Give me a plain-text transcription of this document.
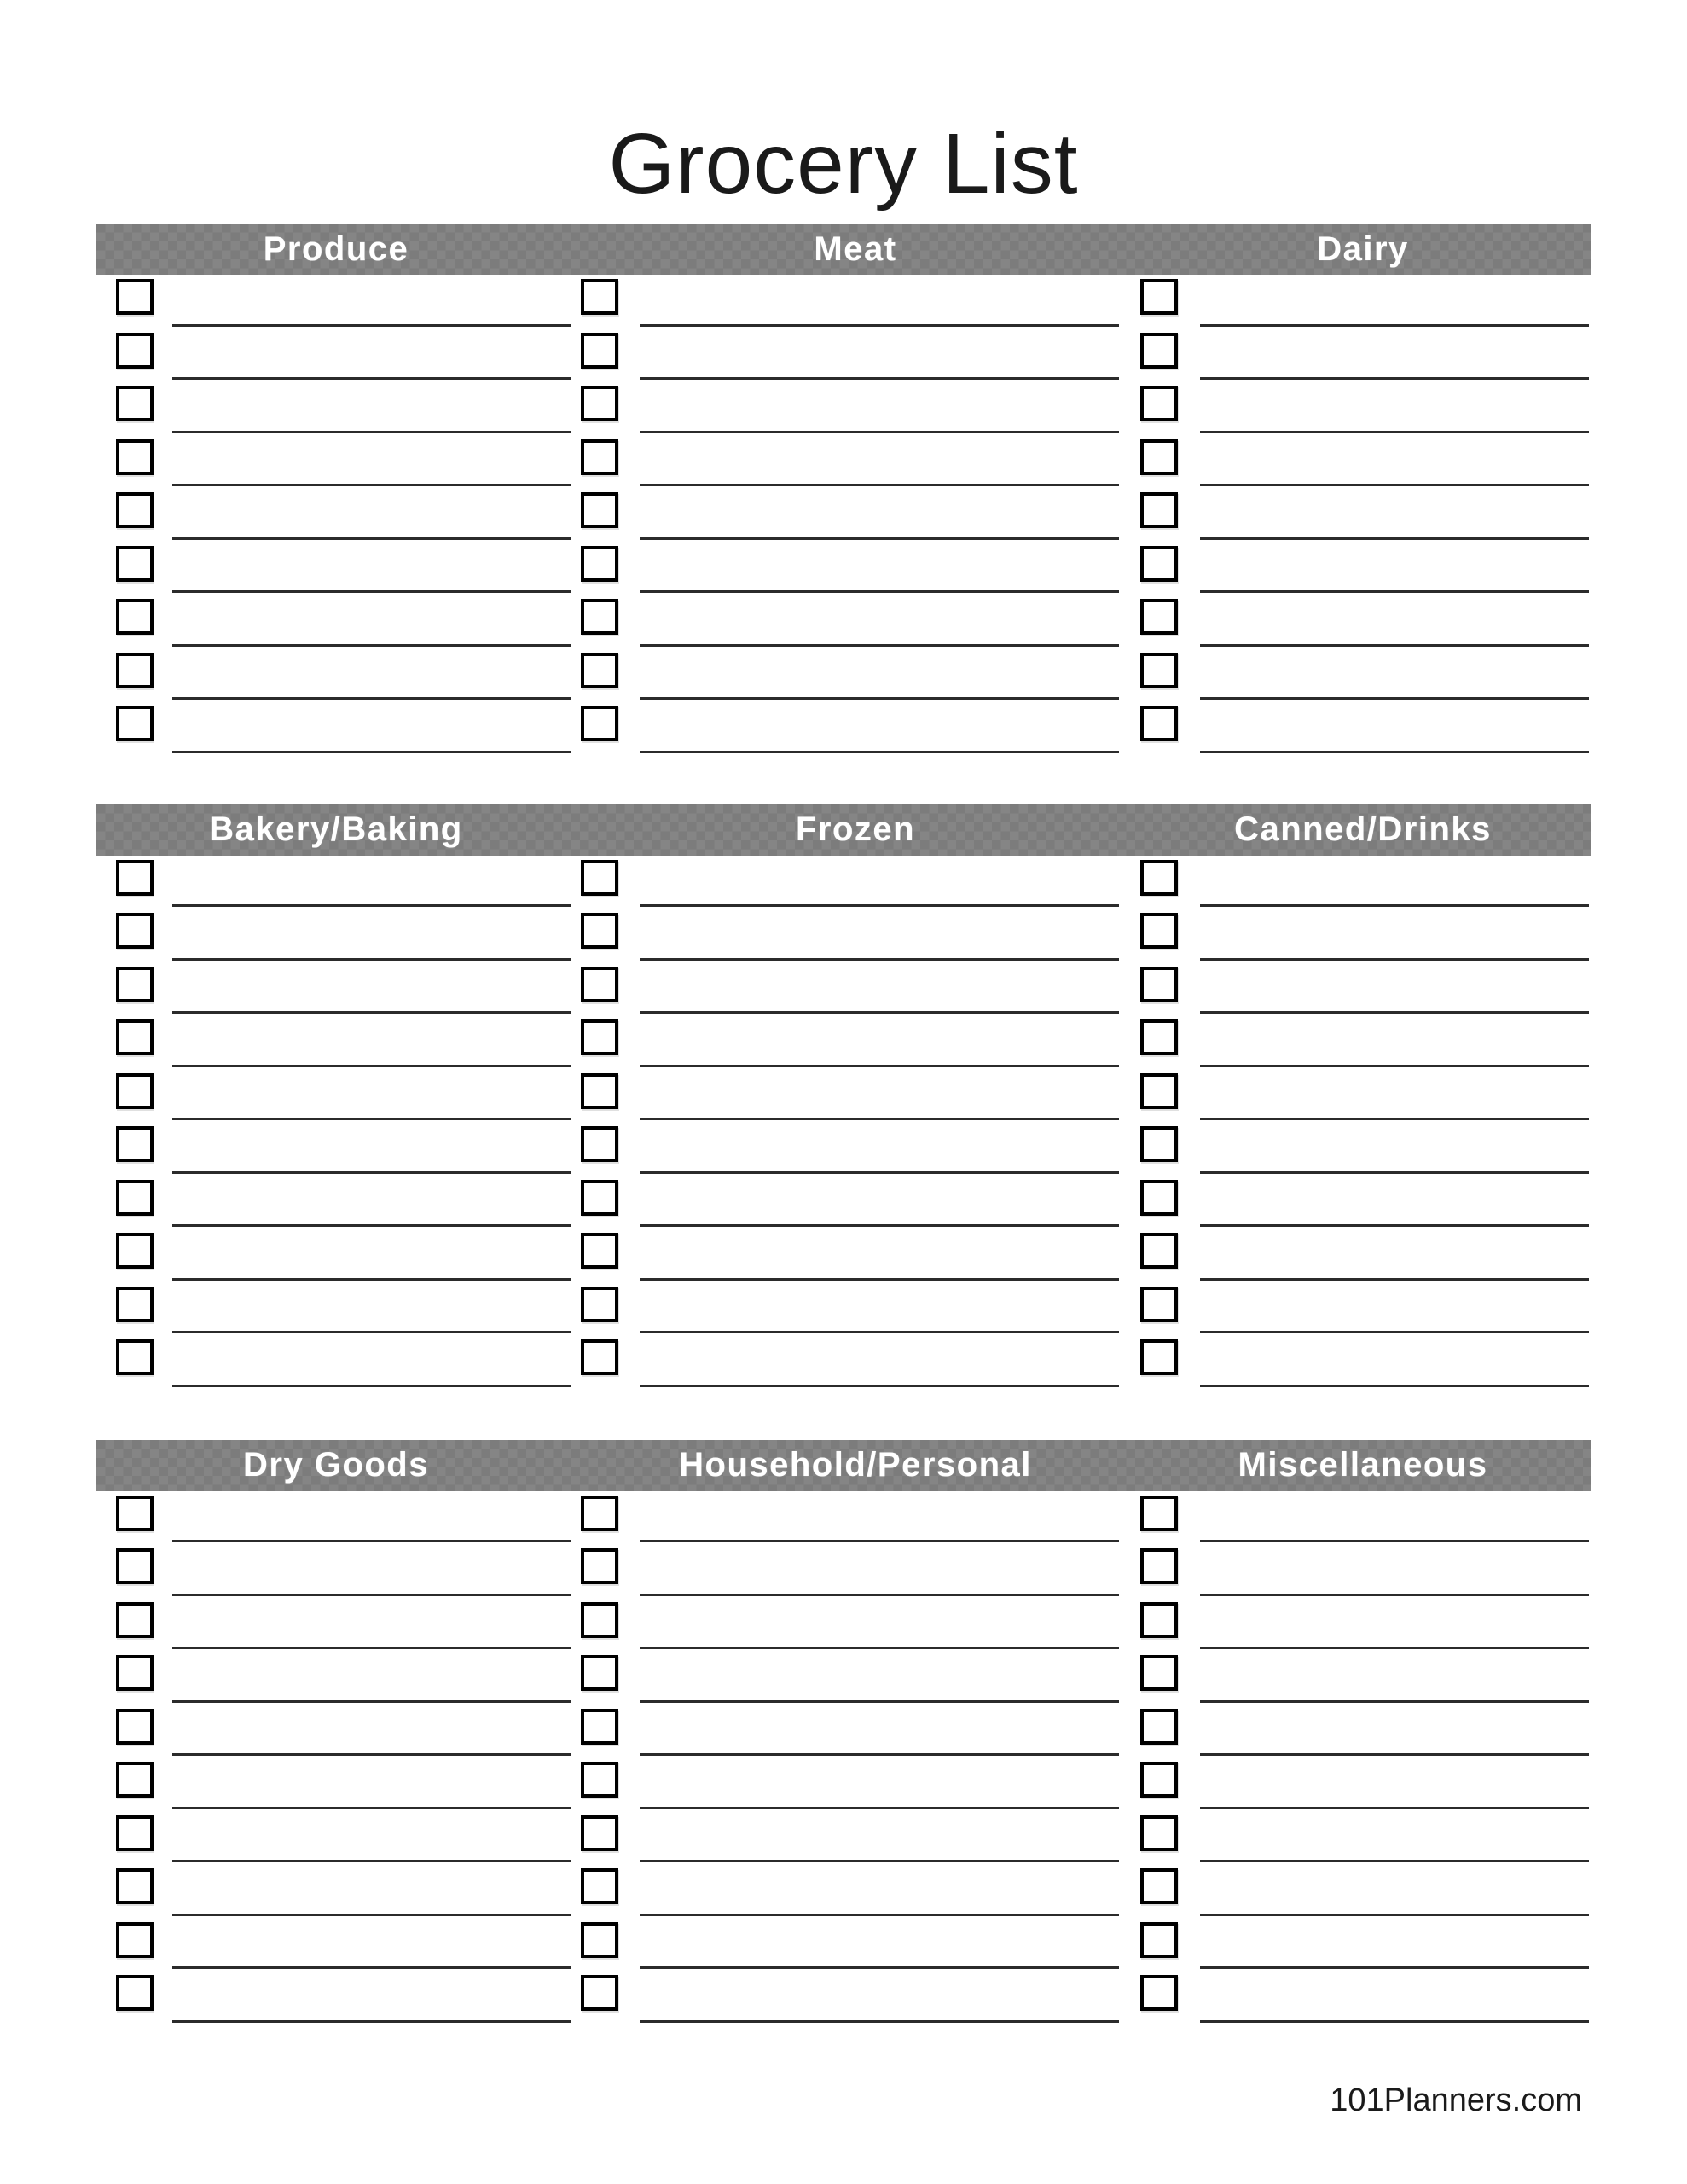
Grocery List
Produce	Meat	Dairy
Bakery/Baking	Frozen	Canned/Drinks
Dry Goods	Household/Personal	Miscellaneous
101Planners.com
